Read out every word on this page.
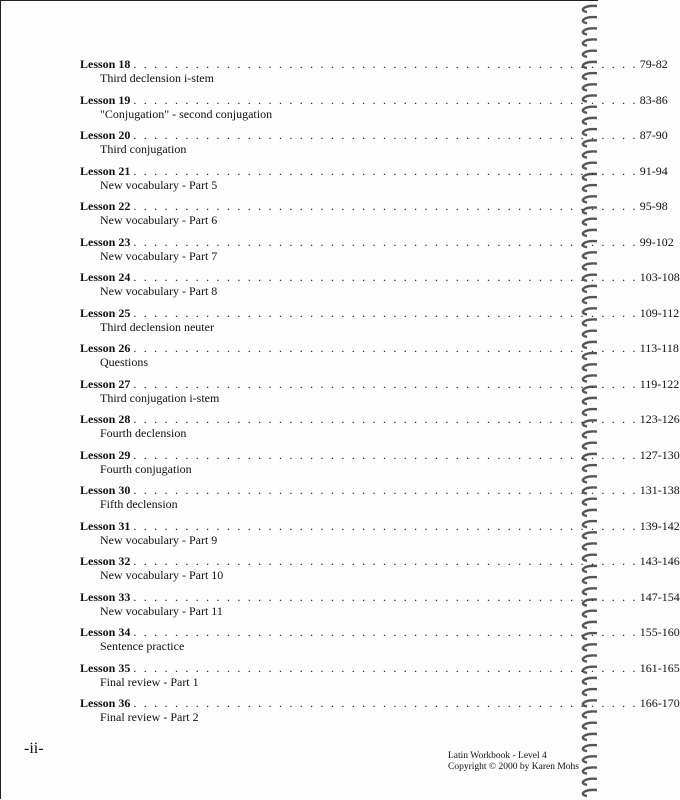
Lesson 18 . . . . . . . . . . . . . . . . . . . . . . . . . . . . . . . . . . . . . . . . . . . . . . . . . 79-82
Third declension i-stem
Lesson 19 . . . . . . . . . . . . . . . . . . . . . . . . . . . . . . . . . . . . . . . . . . . . . . . . . 83-86
"Conjugation" - second conjugation
Lesson 20 . . . . . . . . . . . . . . . . . . . . . . . . . . . . . . . . . . . . . . . . . . . . . . . . . 87-90
Third conjugation
Lesson 21 . . . . . . . . . . . . . . . . . . . . . . . . . . . . . . . . . . . . . . . . . . . . . . . . . 91-94
New vocabulary - Part 5
Lesson 22 . . . . . . . . . . . . . . . . . . . . . . . . . . . . . . . . . . . . . . . . . . . . . . . . . 95-98
New vocabulary - Part 6
Lesson 23 . . . . . . . . . . . . . . . . . . . . . . . . . . . . . . . . . . . . . . . . . . . . . . . . . 99-102
New vocabulary - Part 7
Lesson 24 . . . . . . . . . . . . . . . . . . . . . . . . . . . . . . . . . . . . . . . . . . . . . . . . . 103-108
New vocabulary - Part 8
Lesson 25 . . . . . . . . . . . . . . . . . . . . . . . . . . . . . . . . . . . . . . . . . . . . . . . . . 109-112
Third declension neuter
Lesson 26 . . . . . . . . . . . . . . . . . . . . . . . . . . . . . . . . . . . . . . . . . . . . . . . . . 113-118
Questions
Lesson 27 . . . . . . . . . . . . . . . . . . . . . . . . . . . . . . . . . . . . . . . . . . . . . . . . . 119-122
Third conjugation i-stem
Lesson 28 . . . . . . . . . . . . . . . . . . . . . . . . . . . . . . . . . . . . . . . . . . . . . . . . . 123-126
Fourth declension
Lesson 29 . . . . . . . . . . . . . . . . . . . . . . . . . . . . . . . . . . . . . . . . . . . . . . . . . 127-130
Fourth conjugation
Lesson 30 . . . . . . . . . . . . . . . . . . . . . . . . . . . . . . . . . . . . . . . . . . . . . . . . . 131-138
Fifth declension
Lesson 31 . . . . . . . . . . . . . . . . . . . . . . . . . . . . . . . . . . . . . . . . . . . . . . . . . 139-142
New vocabulary - Part 9
Lesson 32 . . . . . . . . . . . . . . . . . . . . . . . . . . . . . . . . . . . . . . . . . . . . . . . . . 143-146
New vocabulary - Part 10
Lesson 33 . . . . . . . . . . . . . . . . . . . . . . . . . . . . . . . . . . . . . . . . . . . . . . . . . 147-154
New vocabulary - Part 11
Lesson 34 . . . . . . . . . . . . . . . . . . . . . . . . . . . . . . . . . . . . . . . . . . . . . . . . . 155-160
Sentence practice
Lesson 35 . . . . . . . . . . . . . . . . . . . . . . . . . . . . . . . . . . . . . . . . . . . . . . . . . 161-165
Final review - Part 1
Lesson 36 . . . . . . . . . . . . . . . . . . . . . . . . . . . . . . . . . . . . . . . . . . . . . . . . . 166-170
Final review - Part 2
-ii-	Latin Workbook - Level 4
Copyright © 2000 by Karen Mohs
